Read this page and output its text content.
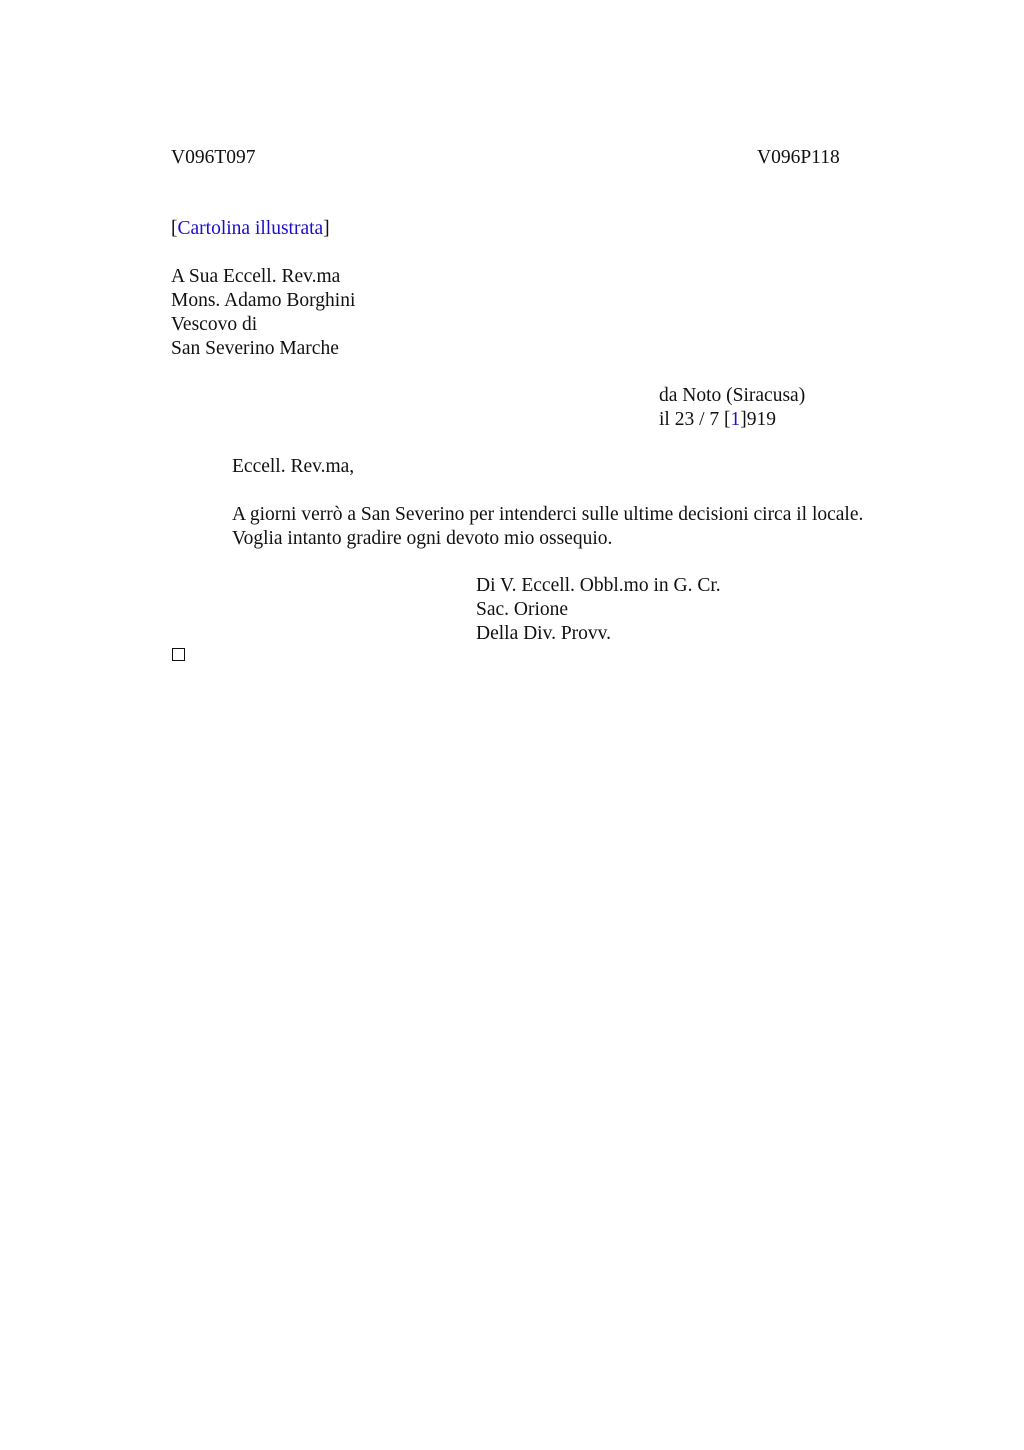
V096T097	V096P118
[Cartolina illustrata]
A Sua Eccell. Rev.ma
Mons. Adamo Borghini
Vescovo di
San Severino Marche
da Noto (Siracusa)
il 23 / 7 [1]919
Eccell. Rev.ma,
A giorni verrò a San Severino per intenderci sulle ultime decisioni circa il locale.
Voglia intanto gradire ogni devoto mio ossequio.
Di V. Eccell. Obbl.mo in G. Cr.
Sac. Orione
Della Div. Provv.
